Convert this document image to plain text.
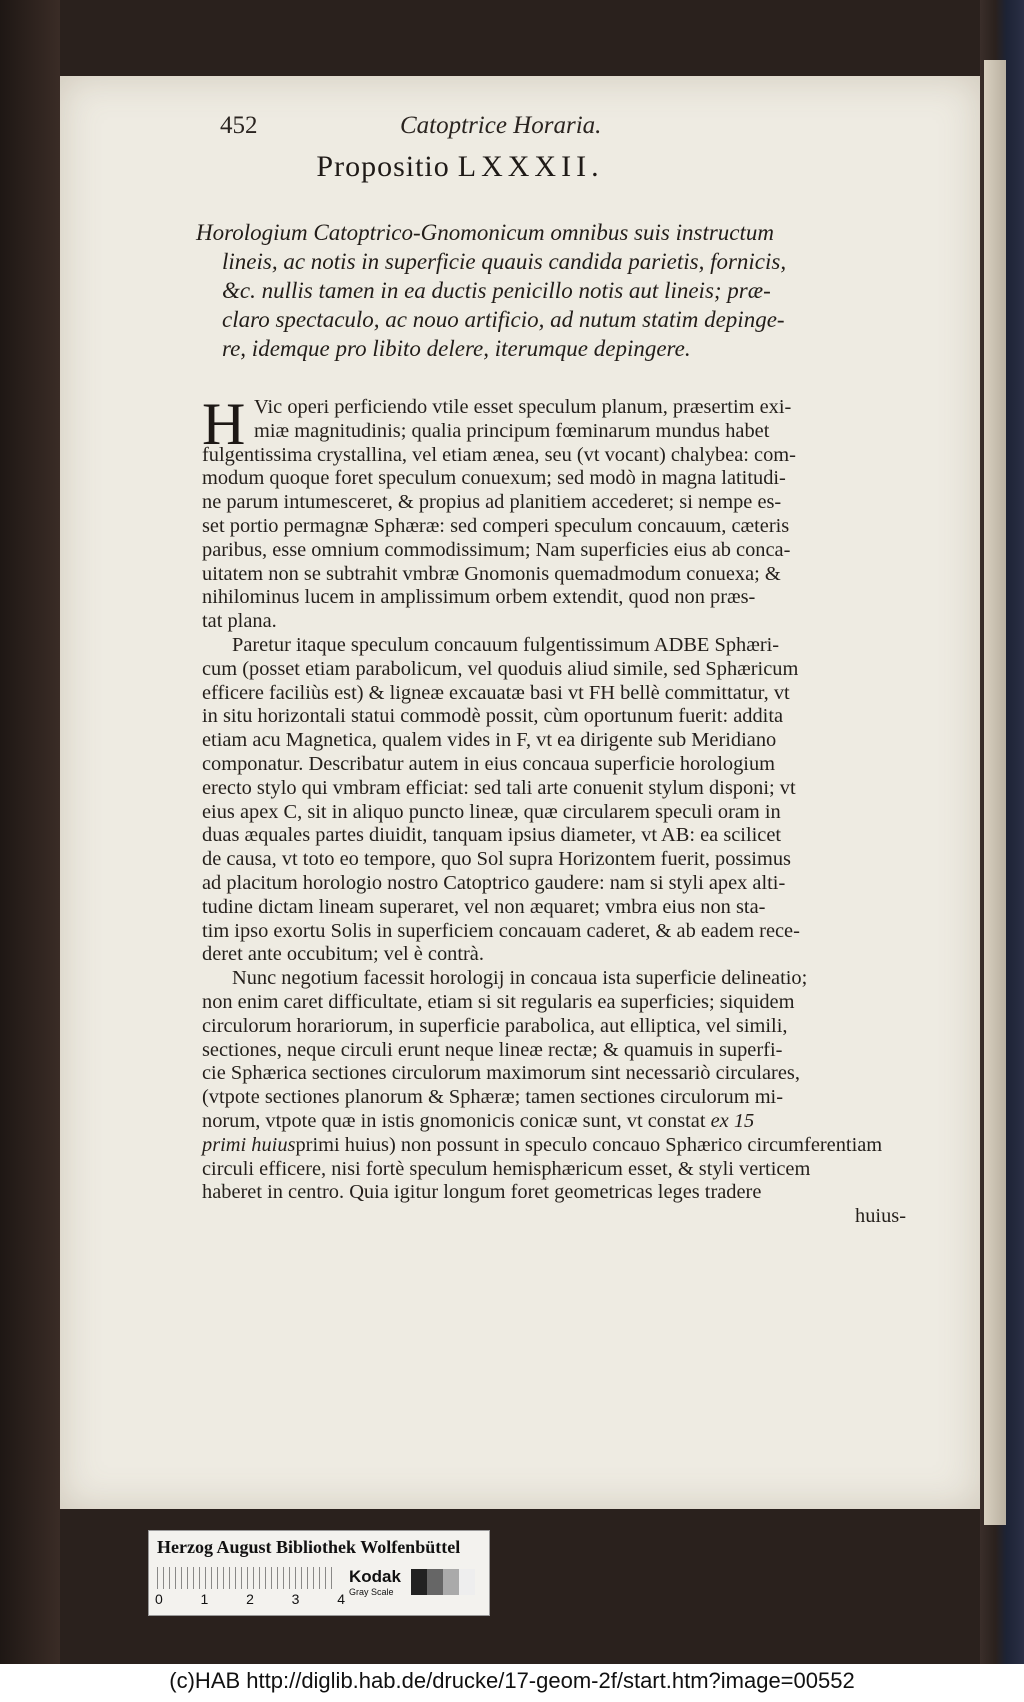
452	Catoptrice Horaria.
Propositio LXXXII.
Horologium Catoptrico-Gnomonicum omnibus suis instructum
lineis, ac notis in superficie quauis candida parietis, fornicis,
&c. nullis tamen in ea ductis penicillo notis aut lineis; præ-
claro spectaculo, ac nouo artificio, ad nutum statim depinge-
re, idemque pro libito delere, iterumque depingere.
H Vic operi perficiendo vtile esset speculum planum, præsertim exi-
miæ magnitudinis; qualia principum fœminarum mundus habet
fulgentissima crystallina, vel etiam ænea, seu (vt vocant) chalybea: com-
modum quoque foret speculum conuexum; sed modò in magna latitudi-
ne parum intumesceret, & propius ad planitiem accederet; si nempe es-
set portio permagnæ Sphæræ: sed comperi speculum concauum, cæteris
paribus, esse omnium commodissimum; Nam superficies eius ab conca-
uitatem non se subtrahit vmbræ Gnomonis quemadmodum conuexa; &
nihilominus lucem in amplissimum orbem extendit, quod non præs-
tat plana.
Paretur itaque speculum concauum fulgentissimum ADBE Sphæri-
cum (posset etiam parabolicum, vel quoduis aliud simile, sed Sphæricum
efficere faciliùs est) & ligneæ excauatæ basi vt FH bellè committatur, vt
in situ horizontali statui commodè possit, cùm oportunum fuerit: addita
etiam acu Magnetica, qualem vides in F, vt ea dirigente sub Meridiano
componatur. Describatur autem in eius concaua superficie horologium
erecto stylo qui vmbram efficiat: sed tali arte conuenit stylum disponi; vt
eius apex C, sit in aliquo puncto lineæ, quæ circularem speculi oram in
duas æquales partes diuidit, tanquam ipsius diameter, vt AB: ea scilicet
de causa, vt toto eo tempore, quo Sol supra Horizontem fuerit, possimus
ad placitum horologio nostro Catoptrico gaudere: nam si styli apex alti-
tudine dictam lineam superaret, vel non æquaret; vmbra eius non sta-
tim ipso exortu Solis in superficiem concauam caderet, & ab eadem rece-
deret ante occubitum; vel è contrà.
Nunc negotium facessit horologij in concaua ista superficie delineatio;
non enim caret difficultate, etiam si sit regularis ea superficies; siquidem
circulorum horariorum, in superficie parabolica, aut elliptica, vel simili,
sectiones, neque circuli erunt neque lineæ rectæ; & quamuis in superfi-
cie Sphærica sectiones circulorum maximorum sint necessariò circulares,
(vtpote sectiones planorum & Sphæræ; tamen sectiones circulorum mi-
norum, vtpote quæ in istis gnomonicis conicæ sunt, vt constat ex 15
primi huiusprimi huius) non possunt in speculo concauo Sphærico circumferentiam
circuli efficere, nisi fortè speculum hemisphæricum esset, & styli verticem
haberet in centro. Quia igitur longum foret geometricas leges tradere
huius-
Herzog August Bibliothek Wolfenbüttel
0	1	2	3	4
Kodak
Gray Scale
(c)HAB http://diglib.hab.de/drucke/17-geom-2f/start.htm?image=00552
